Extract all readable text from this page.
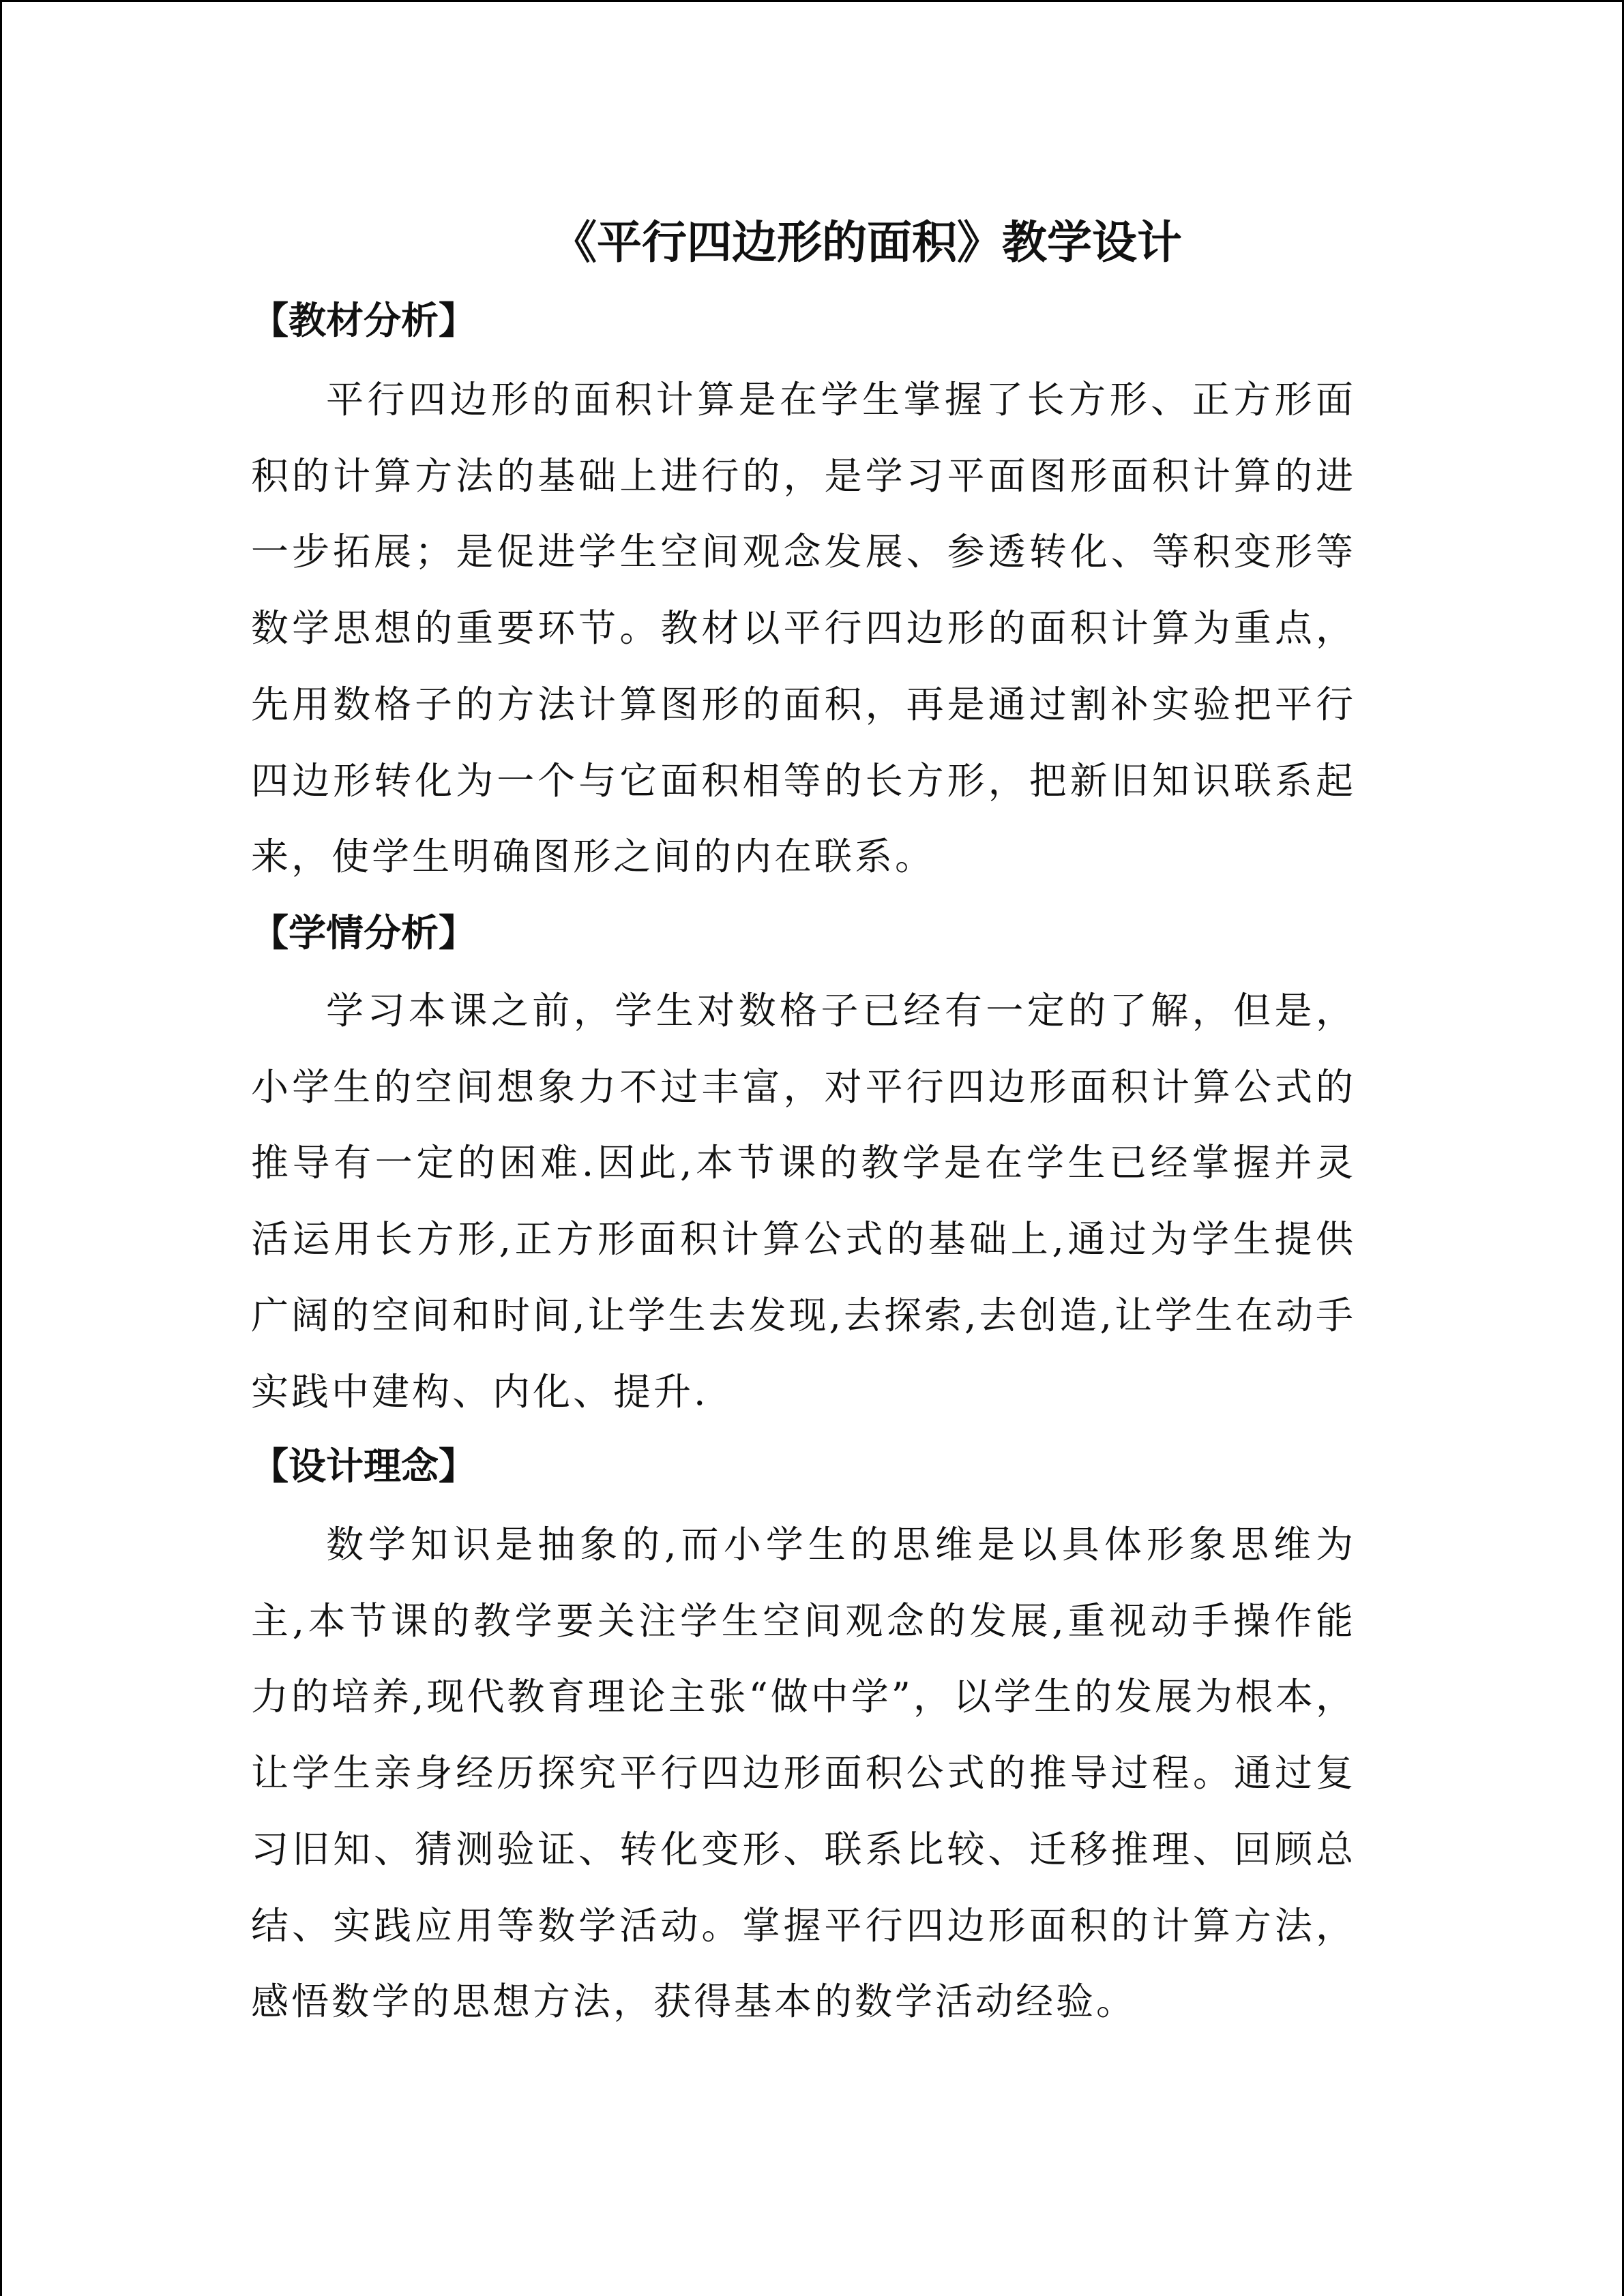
《平行四边形的面积》教学设计
【教材分析】

平行四边形的面积计算是在学生掌握了长方形、正方形面积的计算方法的基础上进行的，是学习平面图形面积计算的进一步拓展；是促进学生空间观念发展、参透转化、等积变形等数学思想的重要环节。教材以平行四边形的面积计算为重点，先用数格子的方法计算图形的面积，再是通过割补实验把平行四边形转化为一个与它面积相等的长方形，把新旧知识联系起来，使学生明确图形之间的内在联系。

【学情分析】

学习本课之前，学生对数格子已经有一定的了解，但是，小学生的空间想象力不过丰富，对平行四边形面积计算公式的推导有一定的困难.因此,本节课的教学是在学生已经掌握并灵活运用长方形,正方形面积计算公式的基础上,通过为学生提供广阔的空间和时间,让学生去发现,去探索,去创造,让学生在动手实践中建构、内化、提升.

【设计理念】

数学知识是抽象的,而小学生的思维是以具体形象思维为主,本节课的教学要关注学生空间观念的发展,重视动手操作能力的培养,现代教育理论主张“做中学”，以学生的发展为根本，让学生亲身经历探究平行四边形面积公式的推导过程。通过复习旧知、猜测验证、转化变形、联系比较、迁移推理、回顾总结、实践应用等数学活动。掌握平行四边形面积的计算方法，感悟数学的思想方法，获得基本的数学活动经验。
